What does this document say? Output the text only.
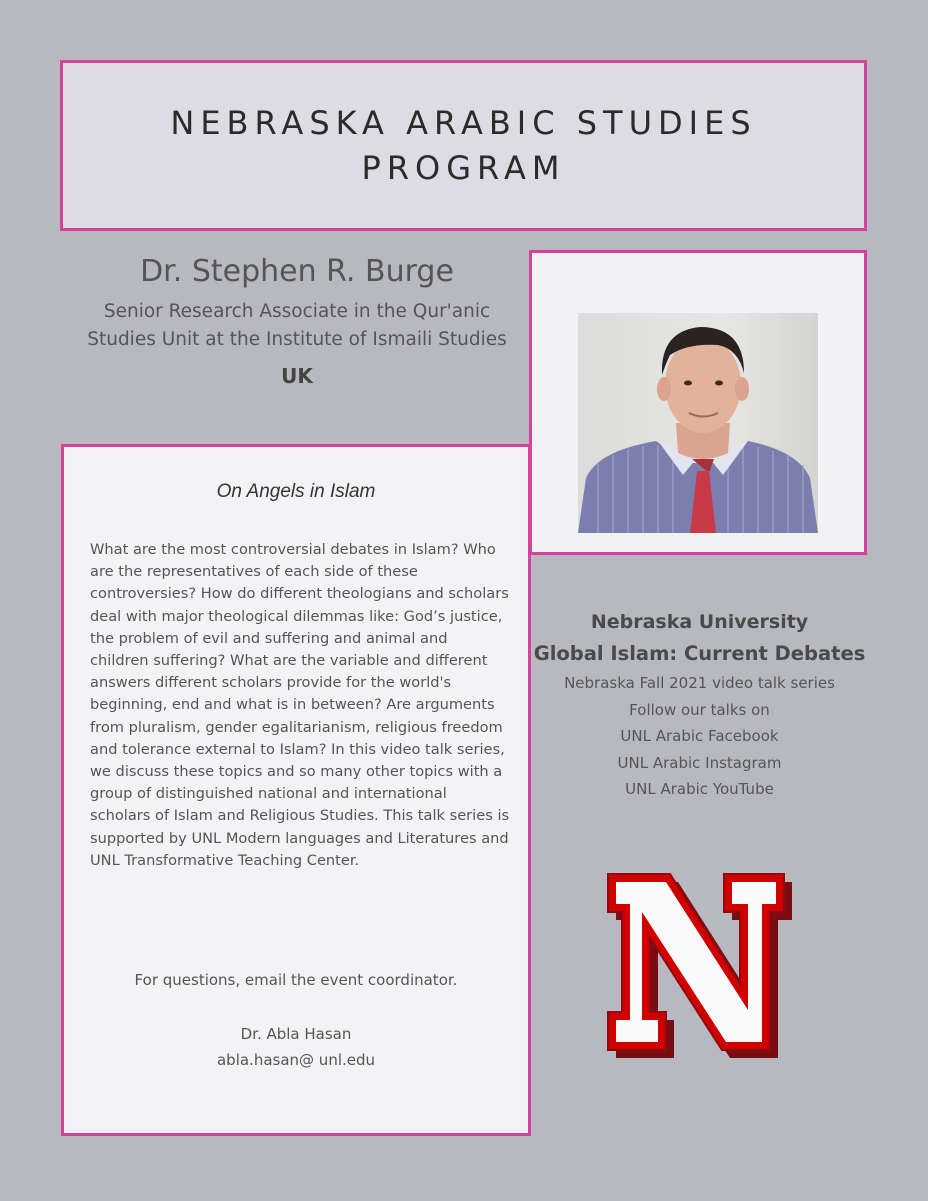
NEBRASKA ARABIC STUDIES PROGRAM
Dr. Stephen R. Burge
Senior Research Associate in the Qur'anic Studies Unit at the Institute of Ismaili Studies
UK
On Angels in Islam
What are the most controversial debates in Islam? Who are the representatives of each side of these controversies? How do different theologians and scholars deal with major theological dilemmas like: God’s justice, the problem of evil and suffering and animal and children suffering? What are the variable and different answers different scholars provide for the world's beginning, end and what is in between? Are arguments from pluralism, gender egalitarianism, religious freedom and tolerance external to Islam? In this video talk series, we discuss these topics and so many other topics with a group of distinguished national and international scholars of Islam and Religious Studies. This talk series is supported by UNL Modern languages and Literatures and UNL Transformative Teaching Center.
For questions, email the event coordinator.
Dr. Abla Hasan
abla.hasan@ unl.edu
Nebraska University
Global Islam: Current Debates
Nebraska Fall 2021 video talk series
Follow our talks on
UNL Arabic Facebook
UNL Arabic Instagram
UNL Arabic YouTube
